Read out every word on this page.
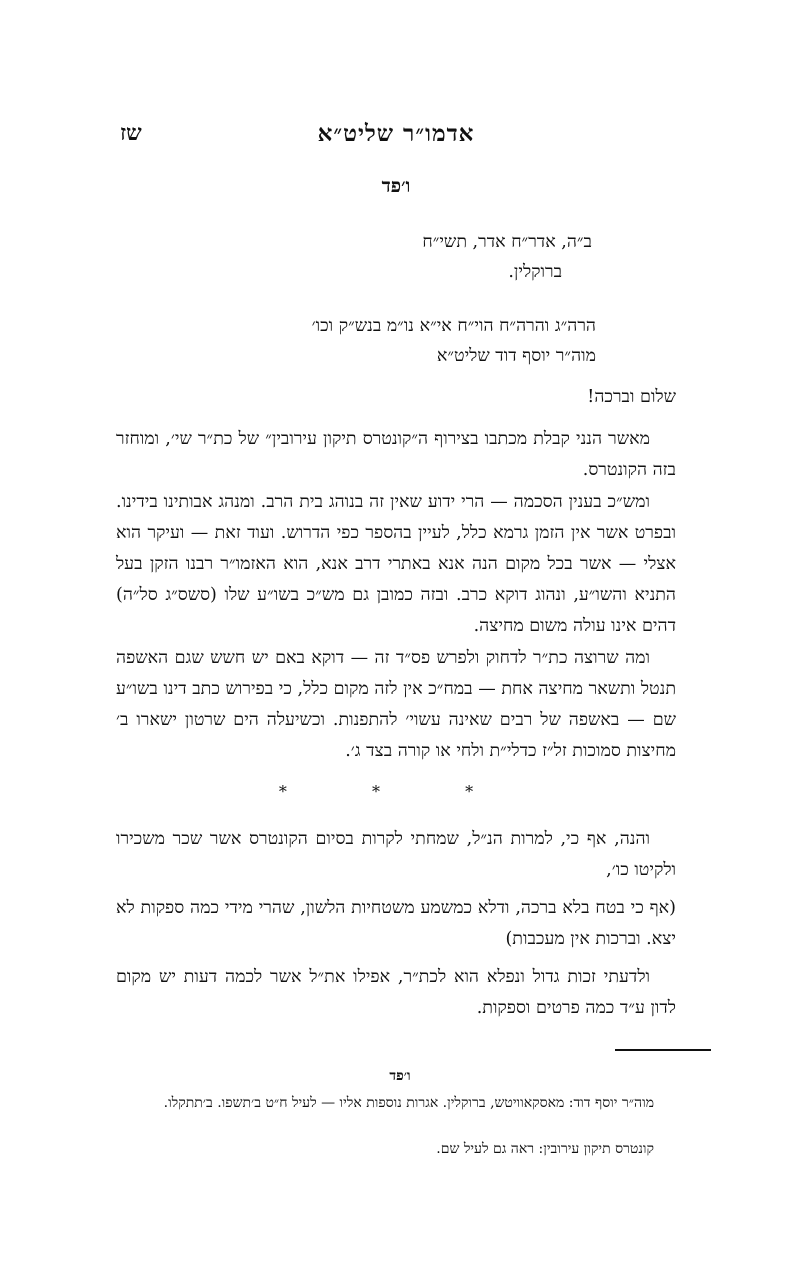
אדמו״ר שליט״א
שז
ו׳פד
ב״ה, אדר״ח אדר, תשי״ח
ברוקלין.
הרה״ג והרה״ח הוי״ח אי״א נו״מ בנש״ק וכו׳
מוה״ר יוסף דוד שליט״א
שלום וברכה!
מאשר הנני קבלת מכתבו בצירוף ה״קונטרס תיקון עירובין״ של כת״ר שי׳, ומוחזר בזה הקונטרס.
ומש״כ בענין הסכמה — הרי ידוע שאין זה בנוהג בית הרב. ומנהג אבותינו בידינו. ובפרט אשר אין הזמן גרמא כלל, לעיין בהספר כפי הדרוש. ועוד זאת — ועיקר הוא אצלי — אשר בכל מקום הנה אנא באתרי דרב אנא, הוא האזמו״ר רבנו הזקן בעל התניא והשו״ע, ונהוג דוקא כרב. ובזה כמובן גם מש״כ בשו״ע שלו (סשס״ג סל״ה) דהים אינו עולה משום מחיצה.
ומה שרוצה כת״ר לדחוק ולפרש פס״ד זה — דוקא באם יש חשש שגם האשפה תנטל ותשאר מחיצה אחת — במח״כ אין לזה מקום כלל, כי בפירוש כתב דינו בשו״ע שם — באשפה של רבים שאינה עשוי׳ להתפנות. וכשיעלה הים שרטון ישארו ב׳ מחיצות סמוכות זל״ז כדלי״ת ולחי או קורה בצד ג׳.
* * *
והנה, אף כי, למרות הנ״ל, שמחתי לקרות בסיום הקונטרס אשר שכר משכירו ולקיטו כו׳,
(אף כי בטח בלא ברכה, ודלא כמשמע משטחיות הלשון, שהרי מידי כמה ספקות לא יצא. וברכות אין מעכבות)
ולדעתי זכות גדול ונפלא הוא לכת״ר, אפילו את״ל אשר לכמה דעות יש מקום לדון ע״ד כמה פרטים וספקות.
ו׳פד
מוה״ר יוסף דוד: מאסקאוויטש, ברוקלין. אגרות נוספות אליו — לעיל ח״ט ב׳תשפו. ב׳תתקלו.
קונטרס תיקון עירובין: ראה גם לעיל שם.
